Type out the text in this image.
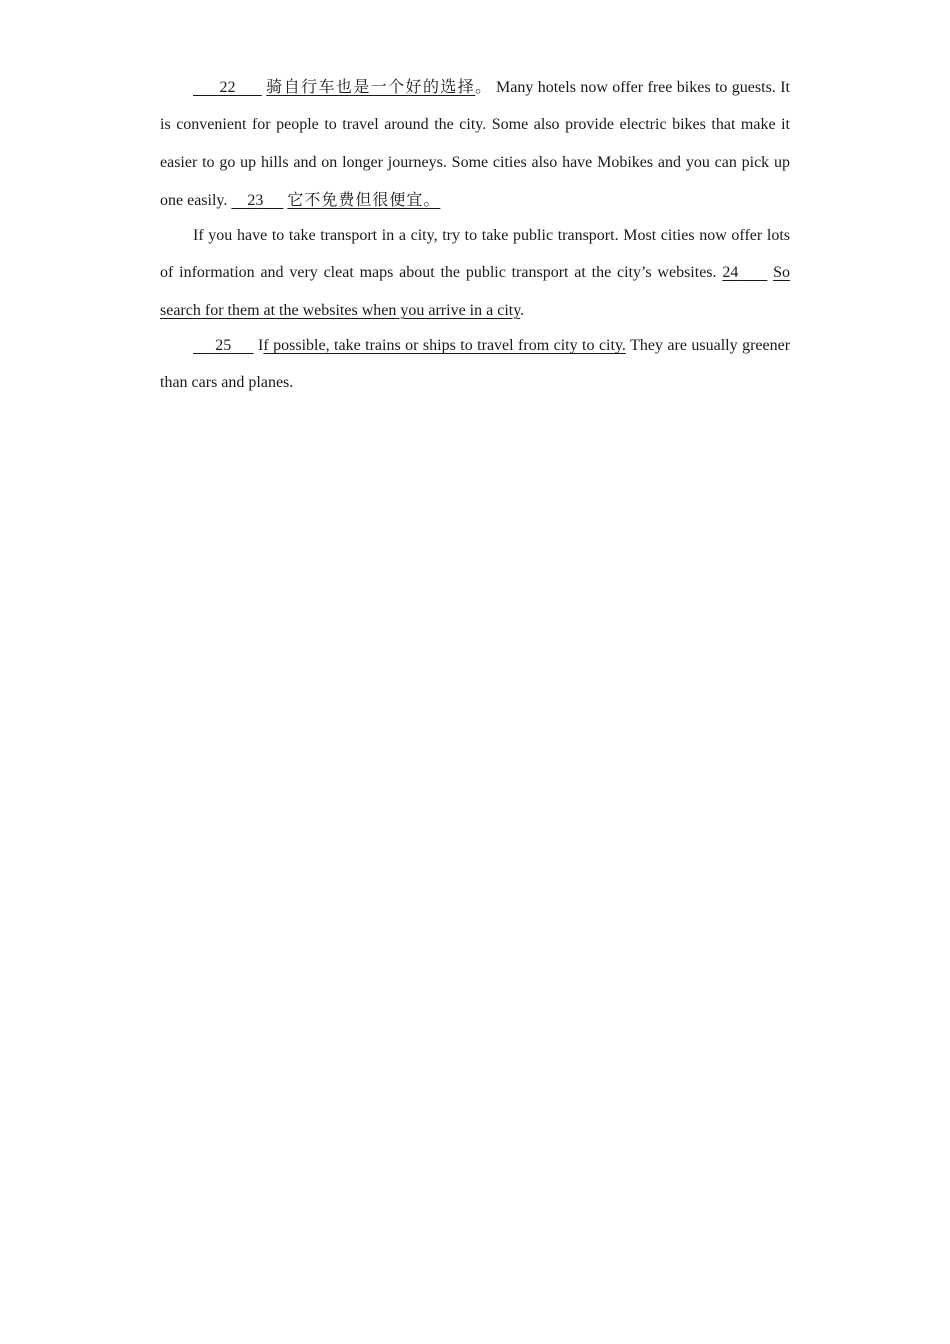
22 骑自行车也是一个好的选择。 Many hotels now offer free bikes to guests. It is convenient for people to travel around the city. Some also provide electric bikes that make it easier to go up hills and on longer journeys. Some cities also have Mobikes and you can pick up one easily.     23 它不免费但很便宜。

If you have to take transport in a city, try to take public transport. Most cities now offer lots of information and very cleat maps about the public transport at the city’s websites. 24 So search for them at the websites when you arrive in a city.

25 If possible, take trains or ships to travel from city to city. They are usually greener than cars and planes.
